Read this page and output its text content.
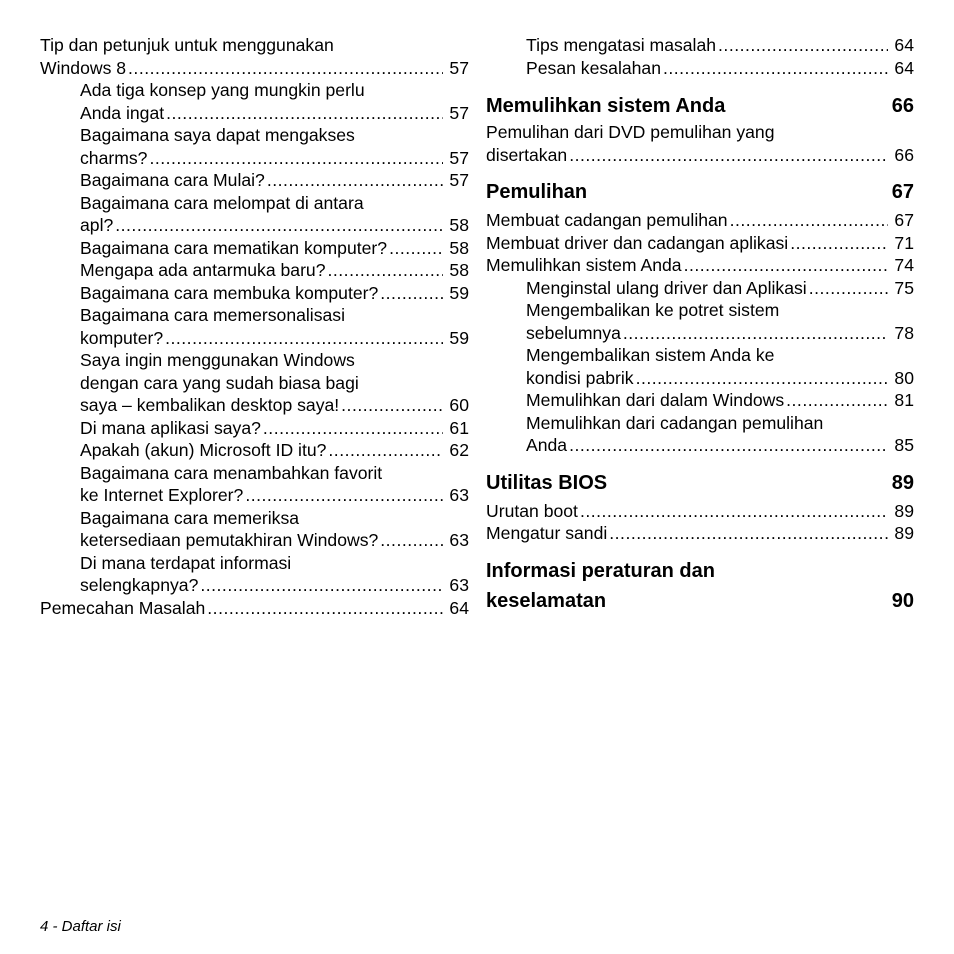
Tip dan petunjuk untuk menggunakan
Windows 8 .....	57
Ada tiga konsep yang mungkin perlu
Anda ingat .....	57
Bagaimana saya dapat mengakses
charms? .....	57
Bagaimana cara Mulai? .....	57
Bagaimana cara melompat di antara
apl? .....	58
Bagaimana cara mematikan komputer? .....	58
Mengapa ada antarmuka baru? .....	58
Bagaimana cara membuka komputer? .....	59
Bagaimana cara memersonalisasi
komputer? .....	59
Saya ingin menggunakan Windows
dengan cara yang sudah biasa bagi
saya – kembalikan desktop saya! .....	60
Di mana aplikasi saya? .....	61
Apakah (akun) Microsoft ID itu? .....	62
Bagaimana cara menambahkan favorit
ke Internet Explorer? .....	63
Bagaimana cara memeriksa
ketersediaan pemutakhiran Windows? .....	63
Di mana terdapat informasi
selengkapnya? .....	63
Pemecahan Masalah .....	64
Tips mengatasi masalah .....	64
Pesan kesalahan .....	64
Memulihkan sistem Anda	66
Pemulihan dari DVD pemulihan yang
disertakan .....	66
Pemulihan	67
Membuat cadangan pemulihan .....	67
Membuat driver dan cadangan aplikasi .....	71
Memulihkan sistem Anda .....	74
Menginstal ulang driver dan Aplikasi .....	75
Mengembalikan ke potret sistem
sebelumnya .....	78
Mengembalikan sistem Anda ke
kondisi pabrik .....	80
Memulihkan dari dalam Windows .....	81
Memulihkan dari cadangan pemulihan
Anda .....	85
Utilitas BIOS	89
Urutan boot .....	89
Mengatur sandi .....	89
Informasi peraturan dan
keselamatan	90
4 - Daftar isi
